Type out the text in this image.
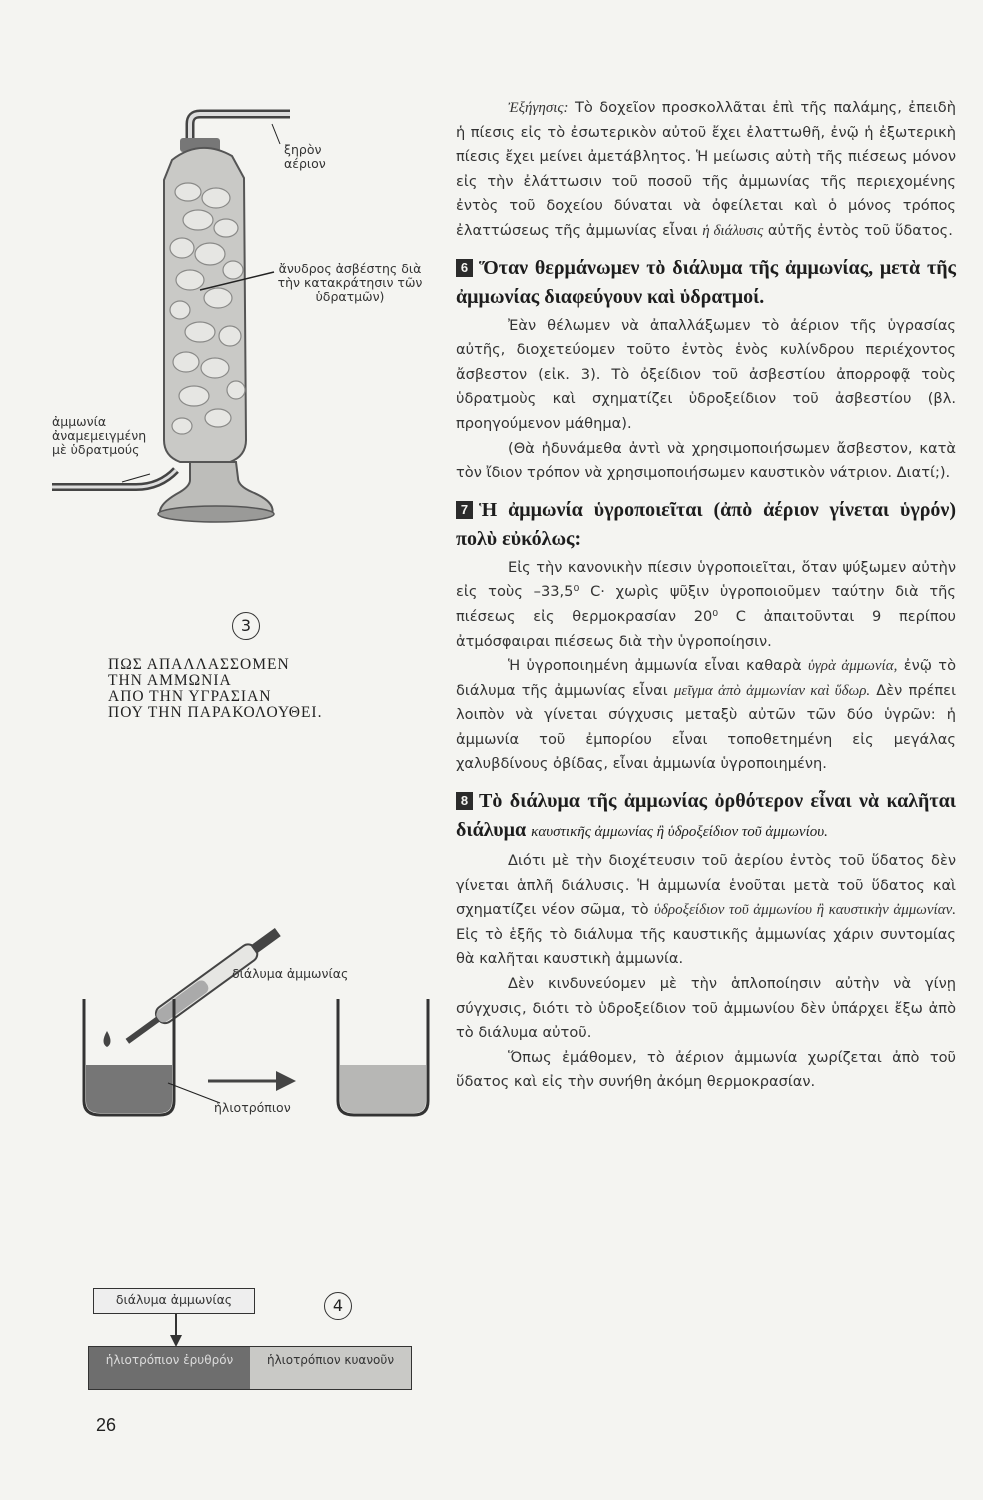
ξηρὸν αέριον
ἄνυδρος ἀσβέστης διὰ τὴν κατακράτησιν τῶν ὑδρατμῶν)
ἀμμωνία ἀναμεμειγμένη μὲ ὑδρατμούς
3
ΠΩΣ ΑΠΑΛΛΑΣΣΟΜΕΝ
ΤΗΝ ΑΜΜΩΝΙΑ
ΑΠΟ ΤΗΝ ΥΓΡΑΣΙΑΝ
ΠΟΥ ΤΗΝ ΠΑΡΑΚΟΛΟΥΘΕΙ.
διάλυμα ἀμμωνίας
ἡλιοτρόπιον
διάλυμα ἀμμωνίας
ἡλιοτρόπιον ἐρυθρόν	ἡλιοτρόπιον κυανοῦν
4

Ἐξήγησις: Τὸ δοχεῖον προσκολλᾶται ἐπὶ τῆς παλάμης, ἐπειδὴ ἡ πίεσις εἰς τὸ ἐσωτερικὸν αὐτοῦ ἔχει ἐλαττωθῆ, ἐνῷ ἡ ἐξωτερικὴ πίεσις ἔχει μείνει ἀμετάβλητος. Ἡ μείωσις αὐτὴ τῆς πιέσεως μόνον εἰς τὴν ἐλάττωσιν τοῦ ποσοῦ τῆς ἀμμωνίας τῆς περιεχομένης ἐντὸς τοῦ δοχείου δύναται νὰ ὀφείλεται καὶ ὁ μόνος τρόπος ἐλαττώσεως τῆς ἀμμωνίας εἶναι ἡ διάλυσις αὐτῆς ἐντὸς τοῦ ὕδατος.

6 Ὅταν θερμάνωμεν τὸ διάλυμα τῆς ἀμμωνίας, μετὰ τῆς ἀμμωνίας διαφεύγουν καὶ ὑδρατμοί.

Ἐὰν θέλωμεν νὰ ἀπαλλάξωμεν τὸ ἀέριον τῆς ὑγρασίας αὐτῆς, διοχετεύομεν τοῦτο ἐντὸς ἑνὸς κυλίνδρου περιέχοντος ἄσβεστον (εἰκ. 3). Τὸ ὀξείδιον τοῦ ἀσβεστίου ἀπορροφᾷ τοὺς ὑδρατμοὺς καὶ σχηματίζει ὑδροξείδιον τοῦ ἀσβεστίου (βλ. προηγούμενον μάθημα).

(Θὰ ἠδυνάμεθα ἀντὶ νὰ χρησιμοποιήσωμεν ἄσβεστον, κατὰ τὸν ἴδιον τρόπον νὰ χρησιμοποιήσωμεν καυστικὸν νάτριον. Διατί;).

7 Ἡ ἀμμωνία ὑγροποιεῖται (ἀπὸ ἀέριον γίνεται ὑγρόν) πολὺ εὐκόλως:

Εἰς τὴν κανονικὴν πίεσιν ὑγροποιεῖται, ὅταν ψύξωμεν αὐτὴν εἰς τοὺς –33,5⁰ C· χωρὶς ψῦξιν ὑγροποιοῦμεν ταύτην διὰ τῆς πιέσεως εἰς θερμοκρασίαν 20⁰ C ἀπαιτοῦνται 9 περίπου ἀτμόσφαιραι πιέσεως διὰ τὴν ὑγροποίησιν.

Ἡ ὑγροποιημένη ἀμμωνία εἶναι καθαρὰ ὑγρὰ ἀμμωνία, ἐνῷ τὸ διάλυμα τῆς ἀμμωνίας εἶναι μεῖγμα ἀπὸ ἀμμωνίαν καὶ ὕδωρ. Δὲν πρέπει λοιπὸν νὰ γίνεται σύγχυσις μεταξὺ αὐτῶν τῶν δύο ὑγρῶν: ἡ ἀμμωνία τοῦ ἐμπορίου εἶναι τοποθετημένη εἰς μεγάλας χαλυβδίνους ὀβίδας, εἶναι ἀμμωνία ὑγροποιημένη.

8 Τὸ διάλυμα τῆς ἀμμωνίας ὀρθότερον εἶναι νὰ καλῆται διάλυμα καυστικῆς ἀμμωνίας ἢ ὑδροξείδιον τοῦ ἀμμωνίου.

Διότι μὲ τὴν διοχέτευσιν τοῦ ἀερίου ἐντὸς τοῦ ὕδατος δὲν γίνεται ἁπλῆ διάλυσις. Ἡ ἀμμωνία ἑνοῦται μετὰ τοῦ ὕδατος καὶ σχηματίζει νέον σῶμα, τὸ ὑδροξείδιον τοῦ ἀμμωνίου ἢ καυστικὴν ἀμμωνίαν. Εἰς τὸ ἑξῆς τὸ διάλυμα τῆς καυστικῆς ἀμμωνίας χάριν συντομίας θὰ καλῆται καυστικὴ ἀμμωνία.

Δὲν κινδυνεύομεν μὲ τὴν ἁπλοποίησιν αὐτὴν νὰ γίνῃ σύγχυσις, διότι τὸ ὑδροξείδιον τοῦ ἀμμωνίου δὲν ὑπάρχει ἔξω ἀπὸ τὸ διάλυμα αὐτοῦ.

Ὅπως ἐμάθομεν, τὸ ἀέριον ἀμμωνία χωρίζεται ἀπὸ τοῦ ὕδατος καὶ εἰς τὴν συνήθη ἀκόμη θερμοκρασίαν.

26
